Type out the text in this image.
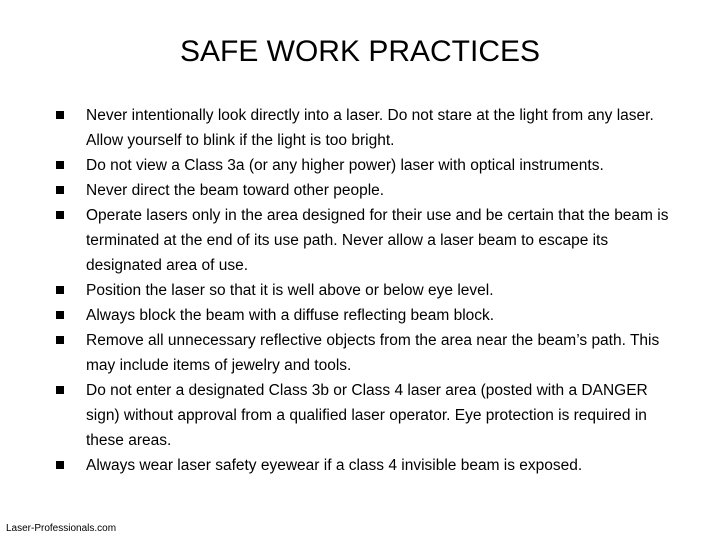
SAFE WORK PRACTICES
Never intentionally look directly into a laser. Do not stare at the light from any laser. Allow yourself to blink if the light is too bright.
Do not view a Class 3a (or any higher power) laser with optical instruments.
Never direct the beam toward other people.
Operate lasers only in the area designed for their use and be certain that the beam is terminated at the end of its use path. Never allow a laser beam to escape its designated area of use.
Position the laser so that it is well above or below eye level.
Always block the beam with a diffuse reflecting beam block.
Remove all unnecessary reflective objects from the area near the beam’s path. This may include items of jewelry and tools.
Do not enter a designated Class 3b or Class 4 laser area (posted with a DANGER sign) without approval from a qualified laser operator. Eye protection is required in these areas.
Always wear laser safety eyewear if a class 4 invisible beam is exposed.
Laser-Professionals.com
